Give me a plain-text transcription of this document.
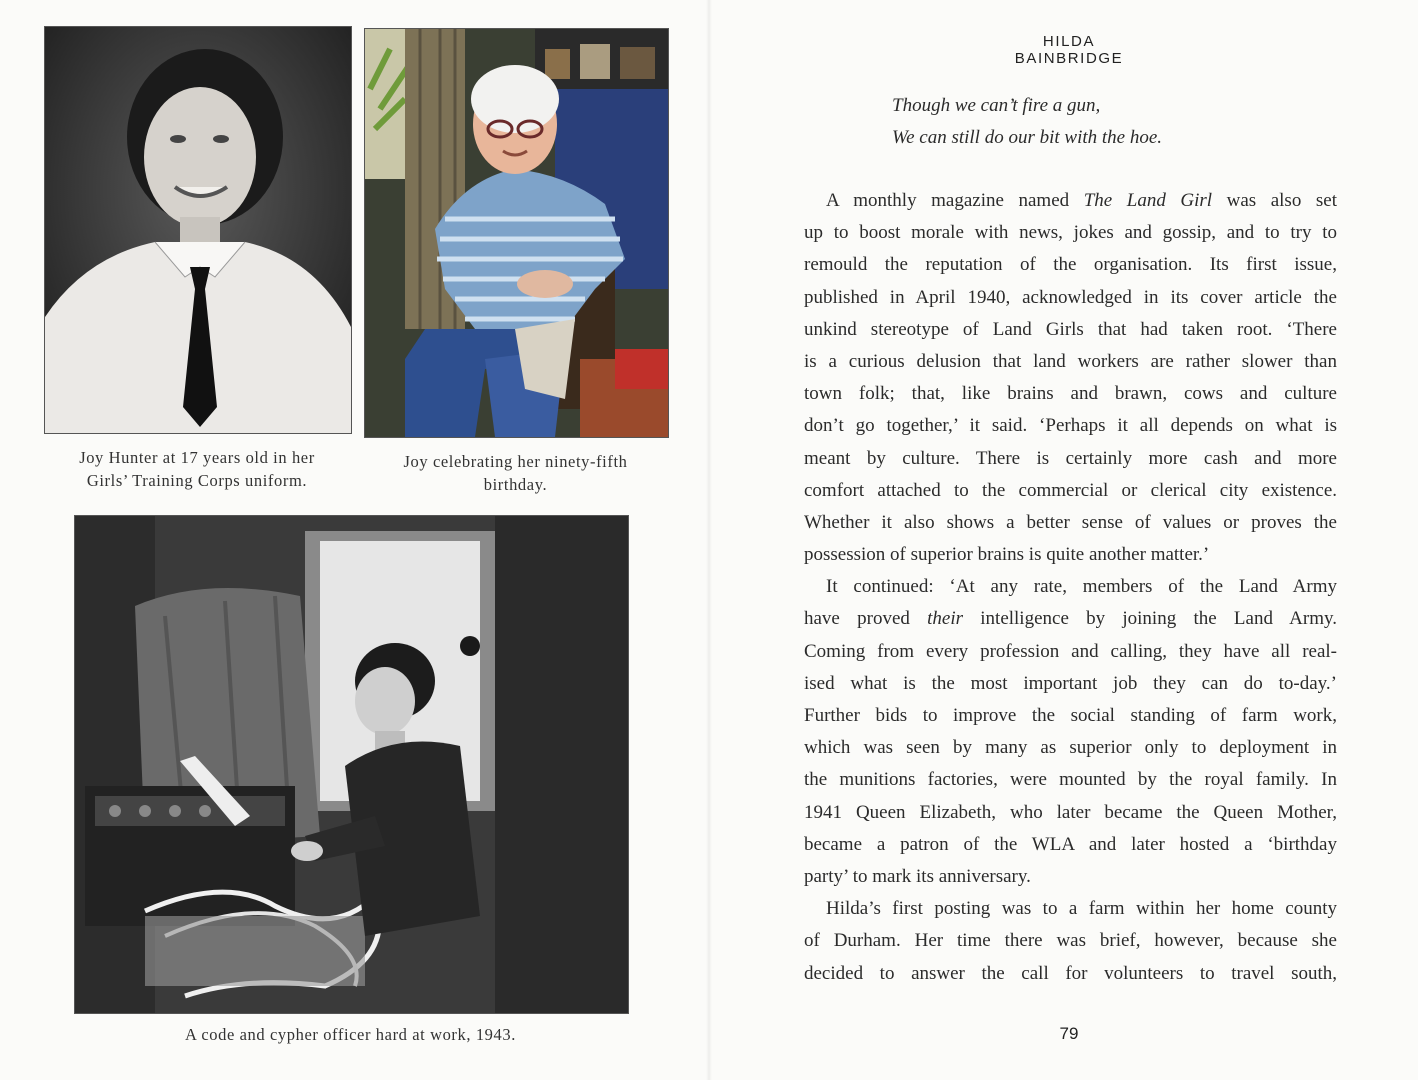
Joy Hunter at 17 years old in her
Girls’ Training Corps uniform.
Joy celebrating her ninety-fifth
birthday.
A code and cypher officer hard at work, 1943.
HILDA BAINBRIDGE
Though we can’t fire a gun,
We can still do our bit with the hoe.
A monthly magazine named The Land Girl was also set
up to boost morale with news, jokes and gossip, and to try to
remould the reputation of the organisation. Its first issue,
published in April 1940, acknowledged in its cover article the
unkind stereotype of Land Girls that had taken root. ‘There
is a curious delusion that land workers are rather slower than
town folk; that, like brains and brawn, cows and culture
don’t go together,’ it said. ‘Perhaps it all depends on what is
meant by culture. There is certainly more cash and more
comfort attached to the commercial or clerical city existence.
Whether it also shows a better sense of values or proves the
possession of superior brains is quite another matter.’
It continued: ‘At any rate, members of the Land Army
have proved their intelligence by joining the Land Army.
Coming from every profession and calling, they have all real-
ised what is the most important job they can do to-day.’
Further bids to improve the social standing of farm work,
which was seen by many as superior only to deployment in
the munitions factories, were mounted by the royal family. In
1941 Queen Elizabeth, who later became the Queen Mother,
became a patron of the WLA and later hosted a ‘birthday
party’ to mark its anniversary.
Hilda’s first posting was to a farm within her home county
of Durham. Her time there was brief, however, because she
decided to answer the call for volunteers to travel south,
79
